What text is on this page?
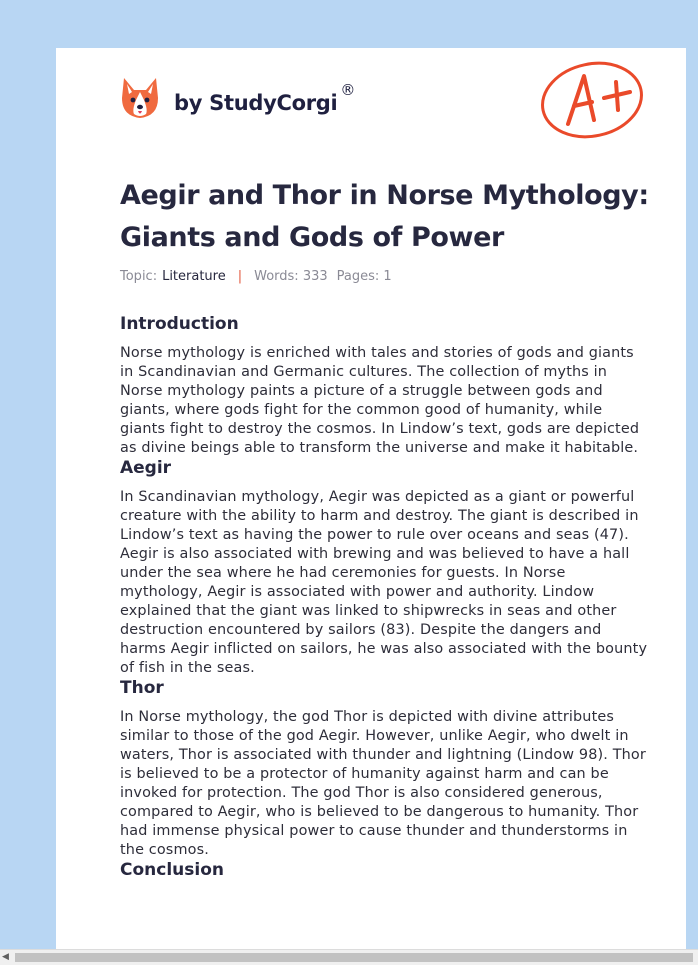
by StudyCorgi
®
Aegir and Thor in Norse Mythology: Giants and Gods of Power
Topic: Literature | Words: 333 Pages: 1
Introduction

Norse mythology is enriched with tales and stories of gods and giants in Scandinavian and Germanic cultures. The collection of myths in Norse mythology paints a picture of a struggle between gods and giants, where gods fight for the common good of humanity, while giants fight to destroy the cosmos. In Lindow’s text, gods are depicted as divine beings able to transform the universe and make it habitable.

Aegir

In Scandinavian mythology, Aegir was depicted as a giant or powerful creature with the ability to harm and destroy. The giant is described in Lindow’s text as having the power to rule over oceans and seas (47). Aegir is also associated with brewing and was believed to have a hall under the sea where he had ceremonies for guests. In Norse mythology, Aegir is associated with power and authority. Lindow explained that the giant was linked to shipwrecks in seas and other destruction encountered by sailors (83). Despite the dangers and harms Aegir inflicted on sailors, he was also associated with the bounty of fish in the seas.

Thor

In Norse mythology, the god Thor is depicted with divine attributes similar to those of the god Aegir. However, unlike Aegir, who dwelt in waters, Thor is associated with thunder and lightning (Lindow 98). Thor is believed to be a protector of humanity against harm and can be invoked for protection. The god Thor is also considered generous, compared to Aegir, who is believed to be dangerous to humanity. Thor had immense physical power to cause thunder and thunderstorms in the cosmos.

Conclusion
◀
